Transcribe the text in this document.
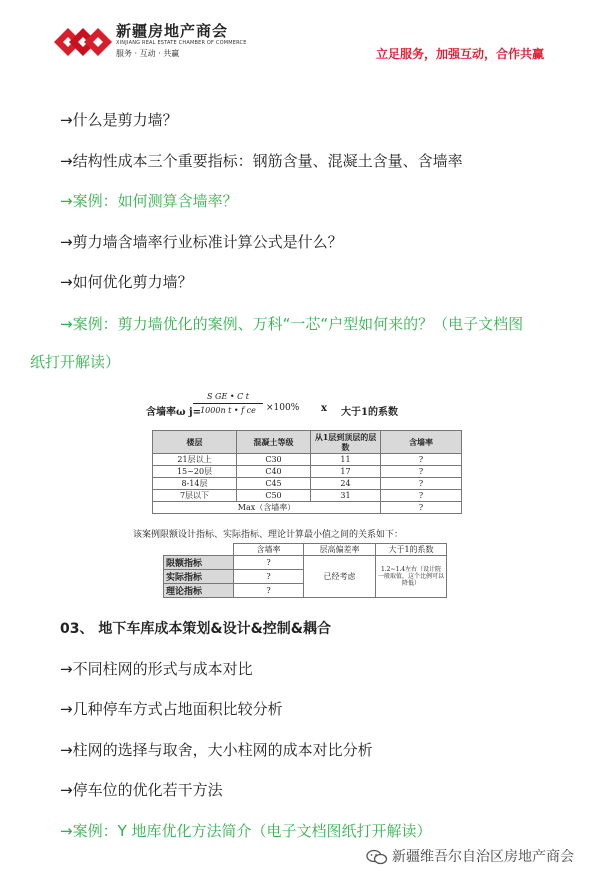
新疆房地产商会
XINJIANG REAL ESTATE CHAMBER OF COMMERCE
服务 · 互动 · 共赢	立足服务，加强互动，合作共赢
→什么是剪力墙？
→结构性成本三个重要指标：钢筋含量、混凝土含量、含墙率
→案例：如何测算含墙率？
→剪力墙含墙率行业标准计算公式是什么？
→如何优化剪力墙？
→案例：剪力墙优化的案例、万科“一芯“户型如何来的？（电子文档图
纸打开解读）
含墙率ω j=
$\frac{\text{S GE • C t}}{\text{1000n t • f ce}} \times 100\%$ x 大于1的系数
楼层	混凝土等级	从1层到顶层的层数	含墙率
21层以上	C30	11	?
15~20层	C40	17	?
8-14层	C45	24	?
7层以下	C50	31	?
Max（含墙率）			?
该案例限额设计指标、实际指标、理论计算最小值之间的关系如下：
	含墙率	层高偏差率	大于1的系数
限额指标	?	已经考虑	1.2~1.4左右（设计院一般取值，这个比例可以降低）
实际指标	?		
理论指标	?		
03、 地下车库成本策划&设计&控制&耦合
→不同柱网的形式与成本对比
→几种停车方式占地面积比较分析
→柱网的选择与取舍，大小柱网的成本对比分析
→停车位的优化若干方法
→案例：Y 地库优化方法简介（电子文档图纸打开解读）
新疆维吾尔自治区房地产商会
